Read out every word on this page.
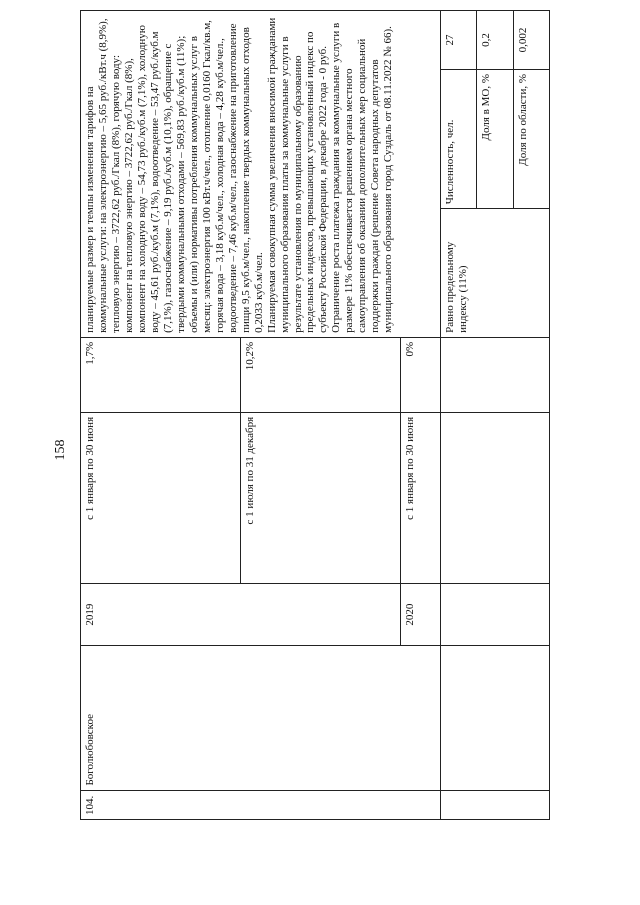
158
104.	Боголюбовское	2019	с 1 января по 30 июня	1,7%	планируемые размер и темпы изменения тарифов на коммунальные услуги: на электроэнергию – 5,65 руб./кВт.ч (8,9%), тепловую энергию – 3722,62 руб./Гкал (8%), горячую воду: компонент на тепловую энергию – 3722,62 руб./Гкал (8%), компонент на холодную воду – 54,73 руб./куб.м (7,1%), холодную воду – 45,61 руб./куб.м (7,1%), водоотведение – 53,47 руб./куб.м (7,1%), газоснабжение – 9,19 руб./куб.м (10,1%), обращение с твердыми коммунальными отходами – 569,83 руб./куб.м (11%); объемы и (или) нормативы потребления коммунальных услуг в месяц: электроэнергия 100 кВт.ч/чел., отопление 0,0160 Гкал/кв.м, горячая вода – 3,18 куб.м/чел., холодная вода – 4,28 куб.м/чел., водоотведение – 7,46 куб.м/чел., газоснабжение на приготовление пищи 9,5 куб.м/чел., накопление твердых коммунальных отходов 0,2033 куб.м/чел. Планируемая совокупная сумма увеличения вносимой гражданами муниципального образования платы за коммунальные услуги в результате установления по муниципальному образованию предельных индексов, превышающих установленный индекс по субъекту Российской Федерации, в декабре 2022 года - 0 руб. Ограничение роста платежа граждания за коммунальные услуги в размере 11% обеспечивается решением органа местного самоуправления об оказании дополнительных мер социальной поддержки граждан (решение Совета народных депутатов муниципального образования город Суздаль от 08.11.2022 № 66).		

			с 1 июля по 31 декабря	10,2%			
		2020	с 1 января по 30 июня	0%			
					Равно предельному индексу (11%)	Численность, чел.	27
						Доля в МО, %	0,2
						Доля по области, %	0,002
